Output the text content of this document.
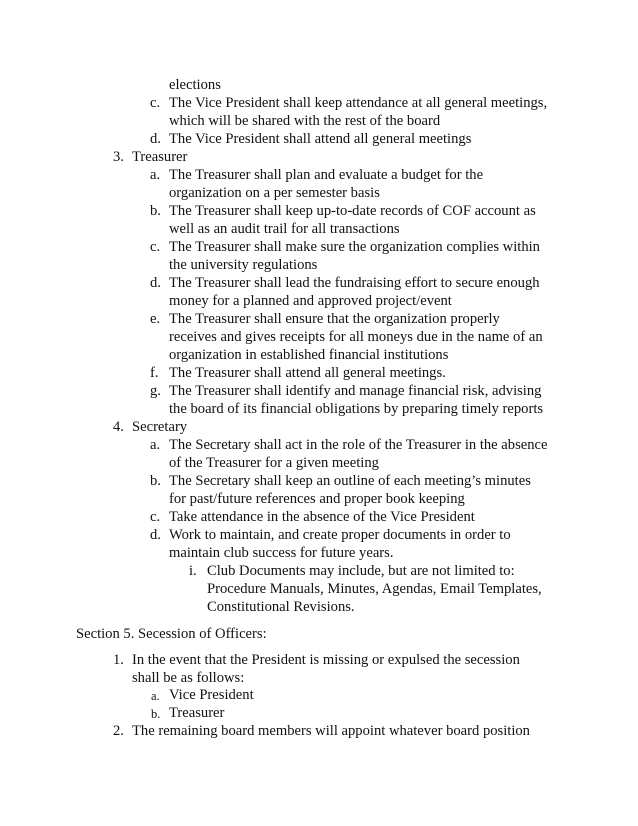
elections
c. The Vice President shall keep attendance at all general meetings,
which will be shared with the rest of the board
d. The Vice President shall attend all general meetings
3. Treasurer
a. The Treasurer shall plan and evaluate a budget for the
organization on a per semester basis
b. The Treasurer shall keep up-to-date records of COF account as
well as an audit trail for all transactions
c. The Treasurer shall make sure the organization complies within
the university regulations
d. The Treasurer shall lead the fundraising effort to secure enough
money for a planned and approved project/event
e. The Treasurer shall ensure that the organization properly
receives and gives receipts for all moneys due in the name of an
organization in established financial institutions
f. The Treasurer shall attend all general meetings.
g. The Treasurer shall identify and manage financial risk, advising
the board of its financial obligations by preparing timely reports
4. Secretary
a. The Secretary shall act in the role of the Treasurer in the absence
of the Treasurer for a given meeting
b. The Secretary shall keep an outline of each meeting’s minutes
for past/future references and proper book keeping
c. Take attendance in the absence of the Vice President
d. Work to maintain, and create proper documents in order to
maintain club success for future years.
i. Club Documents may include, but are not limited to:
Procedure Manuals, Minutes, Agendas, Email Templates,
Constitutional Revisions.
Section 5. Secession of Officers:
1. In the event that the President is missing or expulsed the secession
shall be as follows:
a. Vice President
b. Treasurer
2. The remaining board members will appoint whatever board position
